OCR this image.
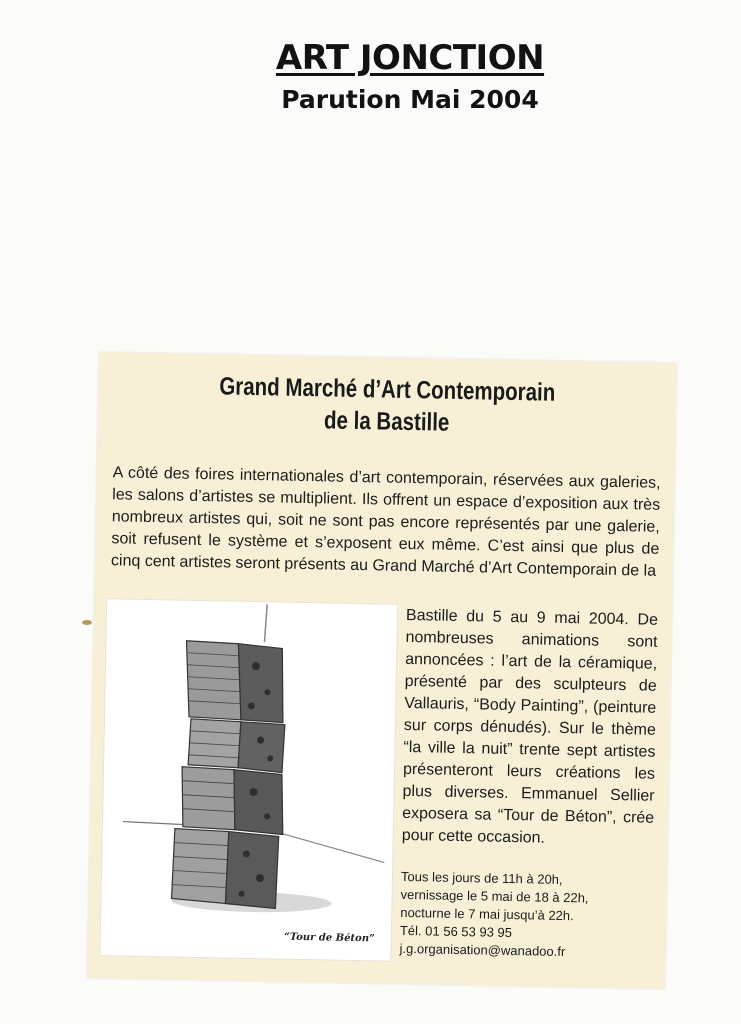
ART JONCTION
Parution Mai 2004
Grand Marché d’Art Contemporain
de la Bastille
A côté des foires internationales d’art contemporain, réservées aux galeries, les salons d’artistes se multiplient. Ils offrent un espace d’exposition aux très nombreux artistes qui, soit ne sont pas encore représentés par une galerie, soit refusent le système et s’exposent eux même. C’est ainsi que plus de cinq cent artistes seront présents au Grand Marché d’Art Contemporain de la
“Tour de Béton”
Bastille du 5 au 9 mai 2004. De nombreuses animations sont annoncées : l’art de la céramique, présenté par des sculpteurs de Vallauris, “Body Painting”, (peinture sur corps dénudés). Sur le thème “la ville la nuit” trente sept artistes présenteront leurs créations les plus diverses. Emmanuel Sellier exposera sa “Tour de Béton”, crée pour cette occasion.
Tous les jours de 11h à 20h,
vernissage le 5 mai de 18 à 22h,
nocturne le 7 mai jusqu’à 22h.
Tél. 01 56 53 93 95
j.g.organisation@wanadoo.fr
